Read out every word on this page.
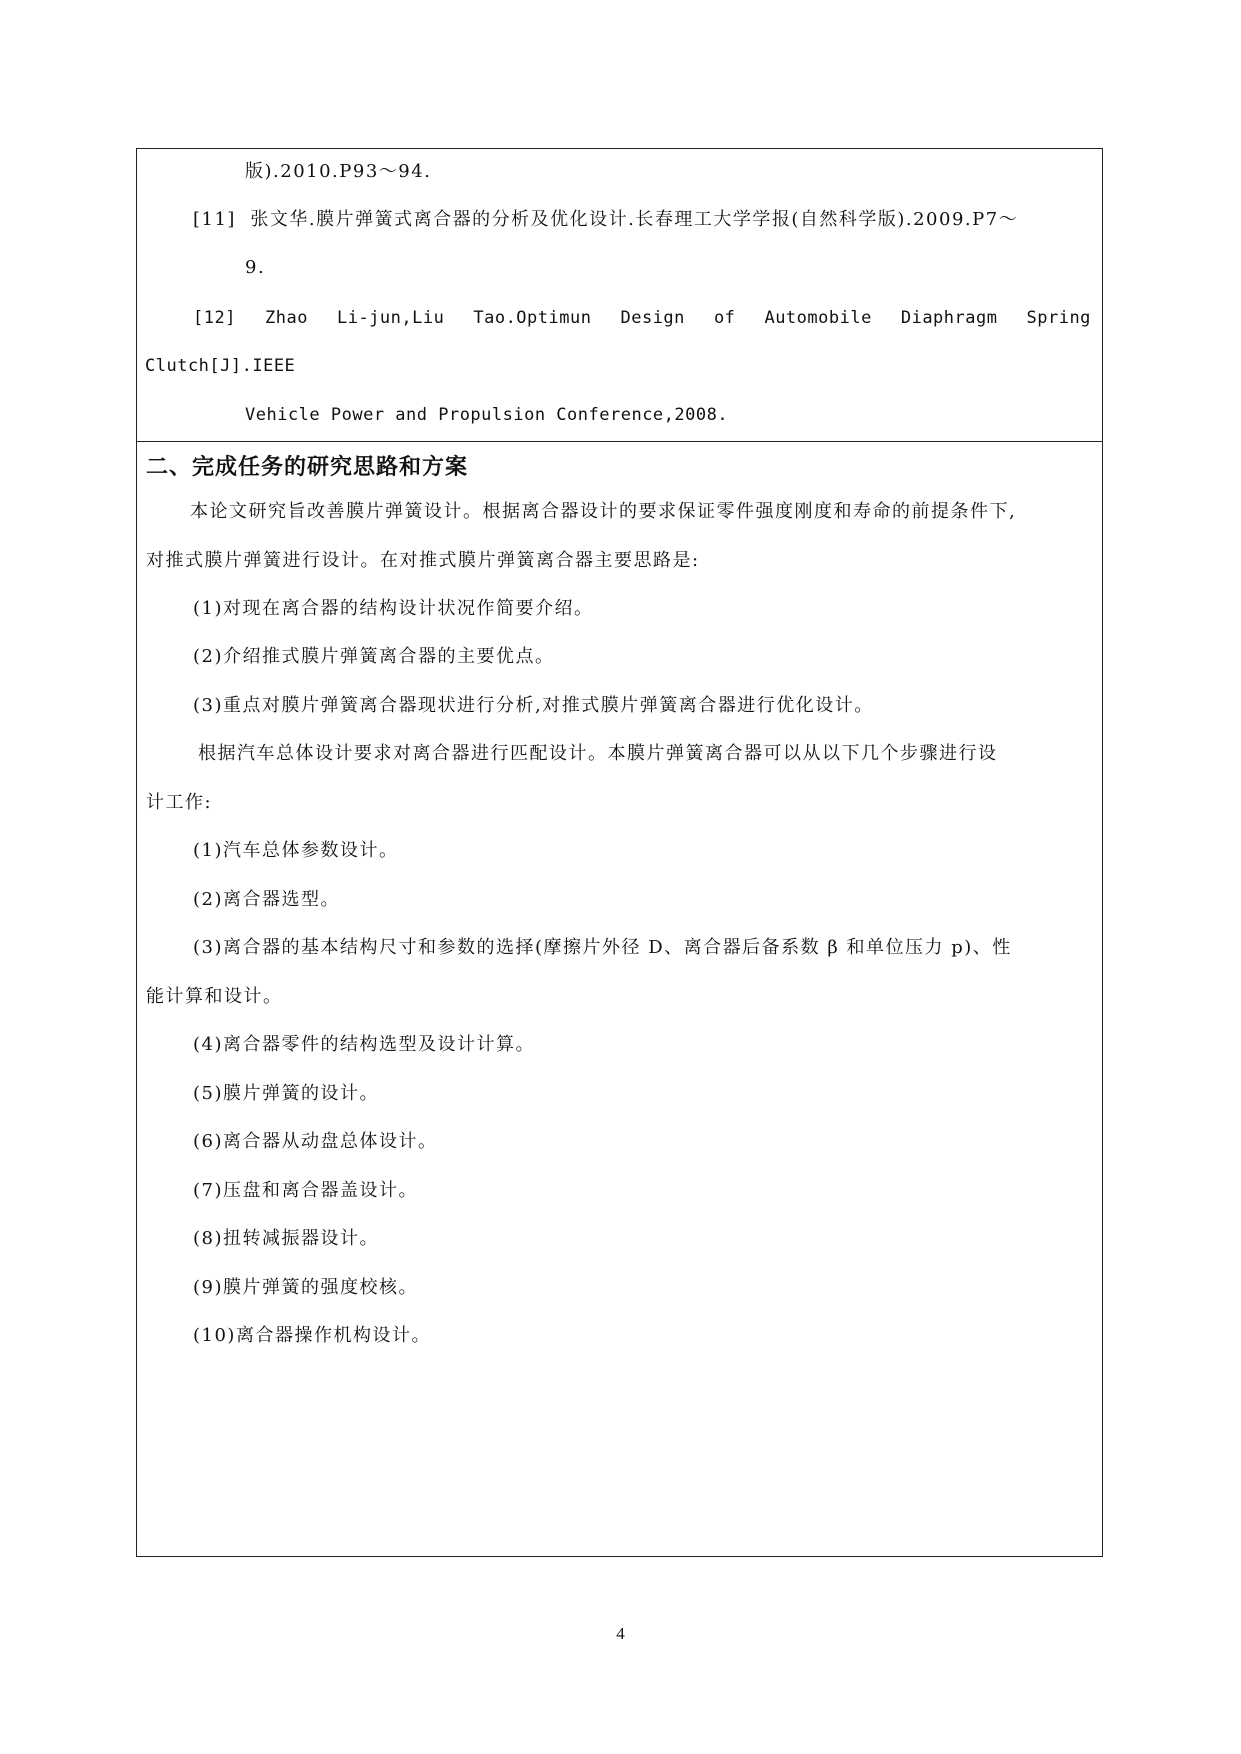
版).2010.P93～94.
[11]  张文华.膜片弹簧式离合器的分析及优化设计.长春理工大学学报(自然科学版).2009.P7～
9.
[12] Zhao Li-jun,Liu Tao.Optimun Design of Automobile Diaphragm Spring
Clutch[J].IEEE
Vehicle Power and Propulsion Conference,2008.
二、完成任务的研究思路和方案
本论文研究旨改善膜片弹簧设计。根据离合器设计的要求保证零件强度刚度和寿命的前提条件下,
对推式膜片弹簧进行设计。在对推式膜片弹簧离合器主要思路是:
(1)对现在离合器的结构设计状况作简要介绍。
(2)介绍推式膜片弹簧离合器的主要优点。
(3)重点对膜片弹簧离合器现状进行分析,对推式膜片弹簧离合器进行优化设计。
根据汽车总体设计要求对离合器进行匹配设计。本膜片弹簧离合器可以从以下几个步骤进行设
计工作:
(1)汽车总体参数设计。
(2)离合器选型。
(3)离合器的基本结构尺寸和参数的选择(摩擦片外径 D、离合器后备系数 β 和单位压力 p)、性
能计算和设计。
(4)离合器零件的结构选型及设计计算。
(5)膜片弹簧的设计。
(6)离合器从动盘总体设计。
(7)压盘和离合器盖设计。
(8)扭转减振器设计。
(9)膜片弹簧的强度校核。
(10)离合器操作机构设计。
4
